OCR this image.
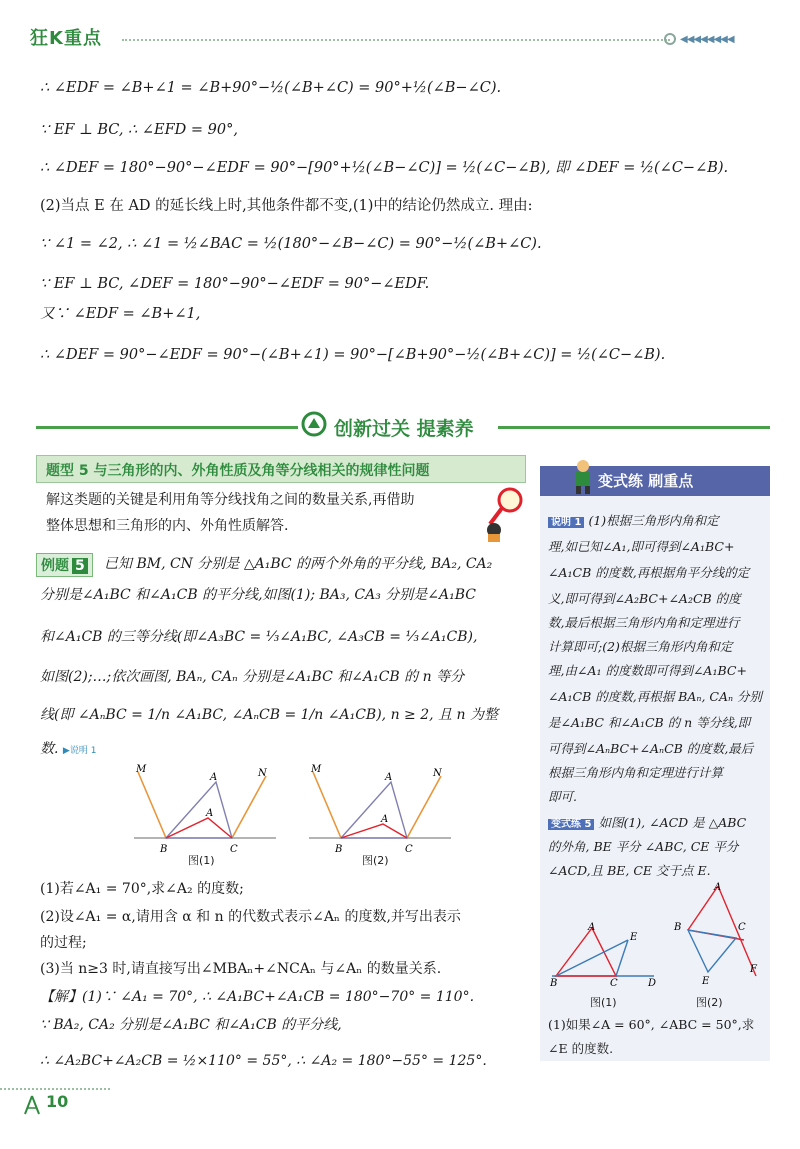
狂K重点	◀◀◀◀◀◀◀◀
∴ ∠EDF = ∠B+∠1 = ∠B+90°−½(∠B+∠C) = 90°+½(∠B−∠C).
∵ EF ⊥ BC, ∴ ∠EFD = 90°,
∴ ∠DEF = 180°−90°−∠EDF = 90°−[90°+½(∠B−∠C)] = ½(∠C−∠B), 即 ∠DEF = ½(∠C−∠B).
(2)当点 E 在 AD 的延长线上时,其他条件都不变,(1)中的结论仍然成立. 理由:
∵ ∠1 = ∠2, ∴ ∠1 = ½∠BAC = ½(180°−∠B−∠C) = 90°−½(∠B+∠C).
∵ EF ⊥ BC, ∠DEF = 180°−90°−∠EDF = 90°−∠EDF.
又∵ ∠EDF = ∠B+∠1,
∴ ∠DEF = 90°−∠EDF = 90°−(∠B+∠1) = 90°−[∠B+90°−½(∠B+∠C)] = ½(∠C−∠B).
创新过关 提素养
题型 5 与三角形的内、外角性质及角等分线相关的规律性问题
解这类题的关键是利用角等分线找角之间的数量关系,再借助
整体思想和三角形的内、外角性质解答.
例题 5	已知 BM, CN 分别是 △A₁BC 的两个外角的平分线, BA₂, CA₂
分别是∠A₁BC 和∠A₁CB 的平分线,如图(1); BA₃, CA₃ 分别是∠A₁BC
和∠A₁CB 的三等分线(即∠A₃BC = ⅓∠A₁BC, ∠A₃CB = ⅓∠A₁CB),
如图(2);…;依次画图, BAₙ, CAₙ 分别是∠A₁BC 和∠A₁CB 的 n 等分
线(即 ∠AₙBC = 1/n ∠A₁BC, ∠AₙCB = 1/n ∠A₁CB), n ≥ 2, 且 n 为整
数. ▶说明 1
M	N
A
A
B	C
图(1)
M	N
A
A
B	C
图(2)
(1)若∠A₁ = 70°,求∠A₂ 的度数;
(2)设∠A₁ = α,请用含 α 和 n 的代数式表示∠Aₙ 的度数,并写出表示
的过程;
(3)当 n≥3 时,请直接写出∠MBAₙ+∠NCAₙ 与∠Aₙ 的数量关系.
【解】(1)∵ ∠A₁ = 70°, ∴ ∠A₁BC+∠A₁CB = 180°−70° = 110°.
∵ BA₂, CA₂ 分别是∠A₁BC 和∠A₁CB 的平分线,
∴ ∠A₂BC+∠A₂CB = ½×110° = 55°, ∴ ∠A₂ = 180°−55° = 125°.
变式练 刷重点
说明 1 (1)根据三角形内角和定
理,如已知∠A₁,即可得到∠A₁BC+
∠A₁CB 的度数,再根据角平分线的定
义,即可得到∠A₂BC+∠A₂CB 的度
数,最后根据三角形内角和定理进行
计算即可;(2)根据三角形内角和定
理,由∠A₁ 的度数即可得到∠A₁BC+
∠A₁CB 的度数,再根据 BAₙ, CAₙ 分别
是∠A₁BC 和∠A₁CB 的 n 等分线,即
可得到∠AₙBC+∠AₙCB 的度数,最后
根据三角形内角和定理进行计算
即可.
变式练 5 如图(1), ∠ACD 是 △ABC
的外角, BE 平分 ∠ABC, CE 平分
∠ACD,且 BE, CE 交于点 E.
A
E
B	C	D
图(1)
A
B	C
E
F
图(2)
(1)如果∠A = 60°, ∠ABC = 50°,求
∠E 的度数.
10
